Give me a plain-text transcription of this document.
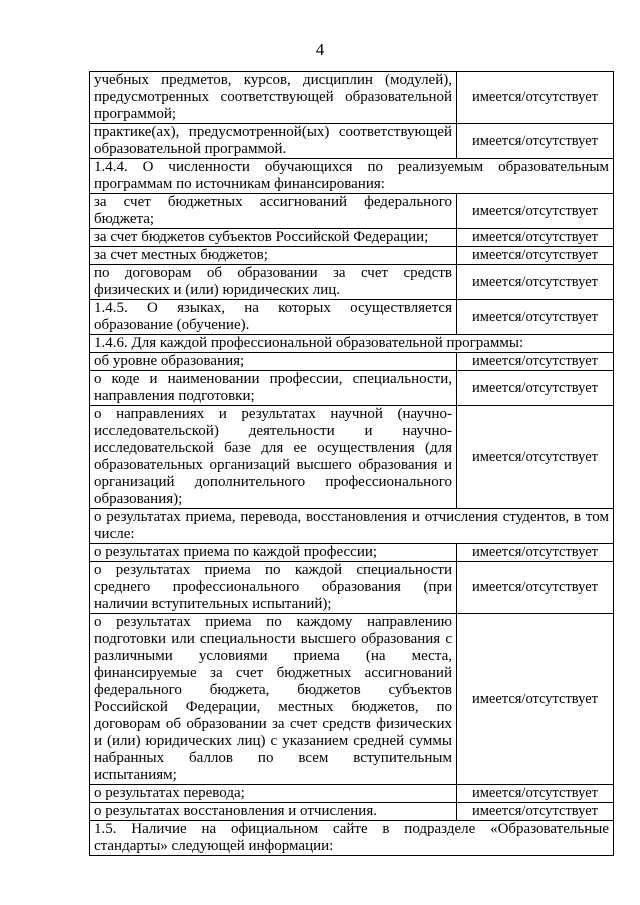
4
учебных предметов, курсов, дисциплин (модулей), предусмотренных соответствующей образовательной программой;	имеется/отсутствует
практике(ах), предусмотренной(ых) соответствующей образовательной программой.	имеется/отсутствует
1.4.4. О численности обучающихся по реализуемым образовательным программам по источникам финансирования:	
за счет бюджетных ассигнований федерального бюджета;	имеется/отсутствует
за счет бюджетов субъектов Российской Федерации;	имеется/отсутствует
за счет местных бюджетов;	имеется/отсутствует
по договорам об образовании за счет средств физических и (или) юридических лиц.	имеется/отсутствует
1.4.5. О языках, на которых осуществляется образование (обучение).	имеется/отсутствует
1.4.6. Для каждой профессиональной образовательной программы:	
об уровне образования;	имеется/отсутствует
о коде и наименовании профессии, специальности, направления подготовки;	имеется/отсутствует
о направлениях и результатах научной (научно-исследовательской) деятельности и научно-исследовательской базе для ее осуществления (для образовательных организаций высшего образования и организаций дополнительного профессионального образования);	имеется/отсутствует
о результатах приема, перевода, восстановления и отчисления студентов, в том числе:	
о результатах приема по каждой профессии;	имеется/отсутствует
о результатах приема по каждой специальности среднего профессионального образования (при наличии вступительных испытаний);	имеется/отсутствует
о результатах приема по каждому направлению подготовки или специальности высшего образования с различными условиями приема (на места, финансируемые за счет бюджетных ассигнований федерального бюджета, бюджетов субъектов Российской Федерации, местных бюджетов, по договорам об образовании за счет средств физических и (или) юридических лиц) с указанием средней суммы набранных баллов по всем вступительным испытаниям;	имеется/отсутствует
о результатах перевода;	имеется/отсутствует
о результатах восстановления и отчисления.	имеется/отсутствует
1.5. Наличие на официальном сайте в подразделе «Образовательные стандарты» следующей информации:	
